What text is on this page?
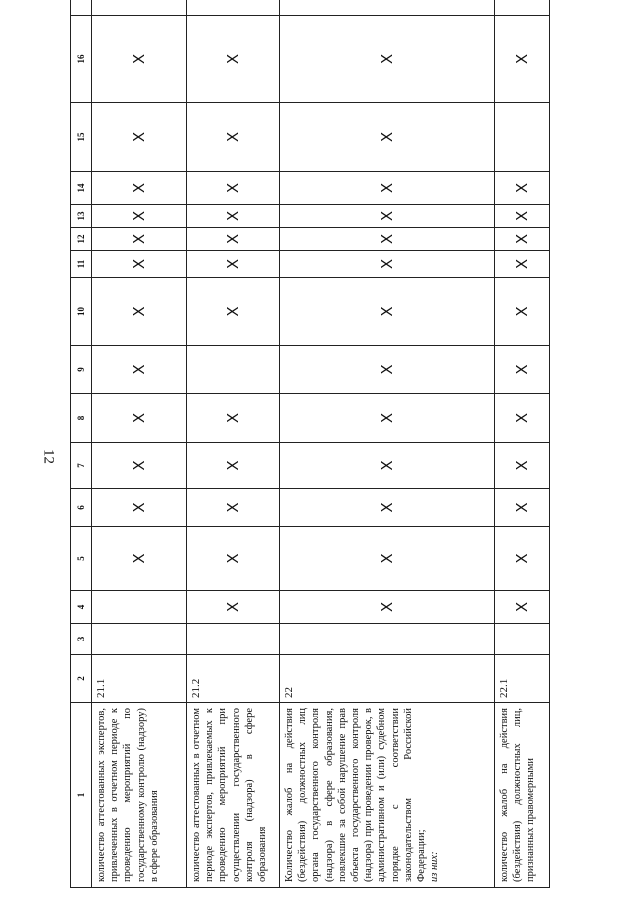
12
1	2	3	4	5	6	7	8	9	10	11	12	13	14	15	16	
количество аттестованных экспертов, привлеченных в отчетном периоде к проведению мероприятий по государственному контролю (надзору) в сфере образования	21.1			X	X	X	X	X	X	X	X	X	X	X	X	
количество аттестованных в отчетном периоде экспертов, привлекаемых к проведению мероприятий при осуществлении государственного контроля (надзора) в сфере образования	21.2		X	X	X	X	X		X	X	X	X	X	X	X	
Количество жалоб на действия (бездействия) должностных лиц органа государственного контроля (надзора) в сфере образования, повлекшие за собой нарушение прав объекта государственного контроля (надзора) при проведении проверок, в административном и (или) судебном порядке с соответствии законодательством Российской Федерации; из них:	22		X	X	X	X	X	X	X	X	X	X	X	X	X	
количество жалоб на действия (бездействия) должностных лиц, признанных правомерными	22.1		X	X	X	X	X	X	X	X	X	X	X		X	
